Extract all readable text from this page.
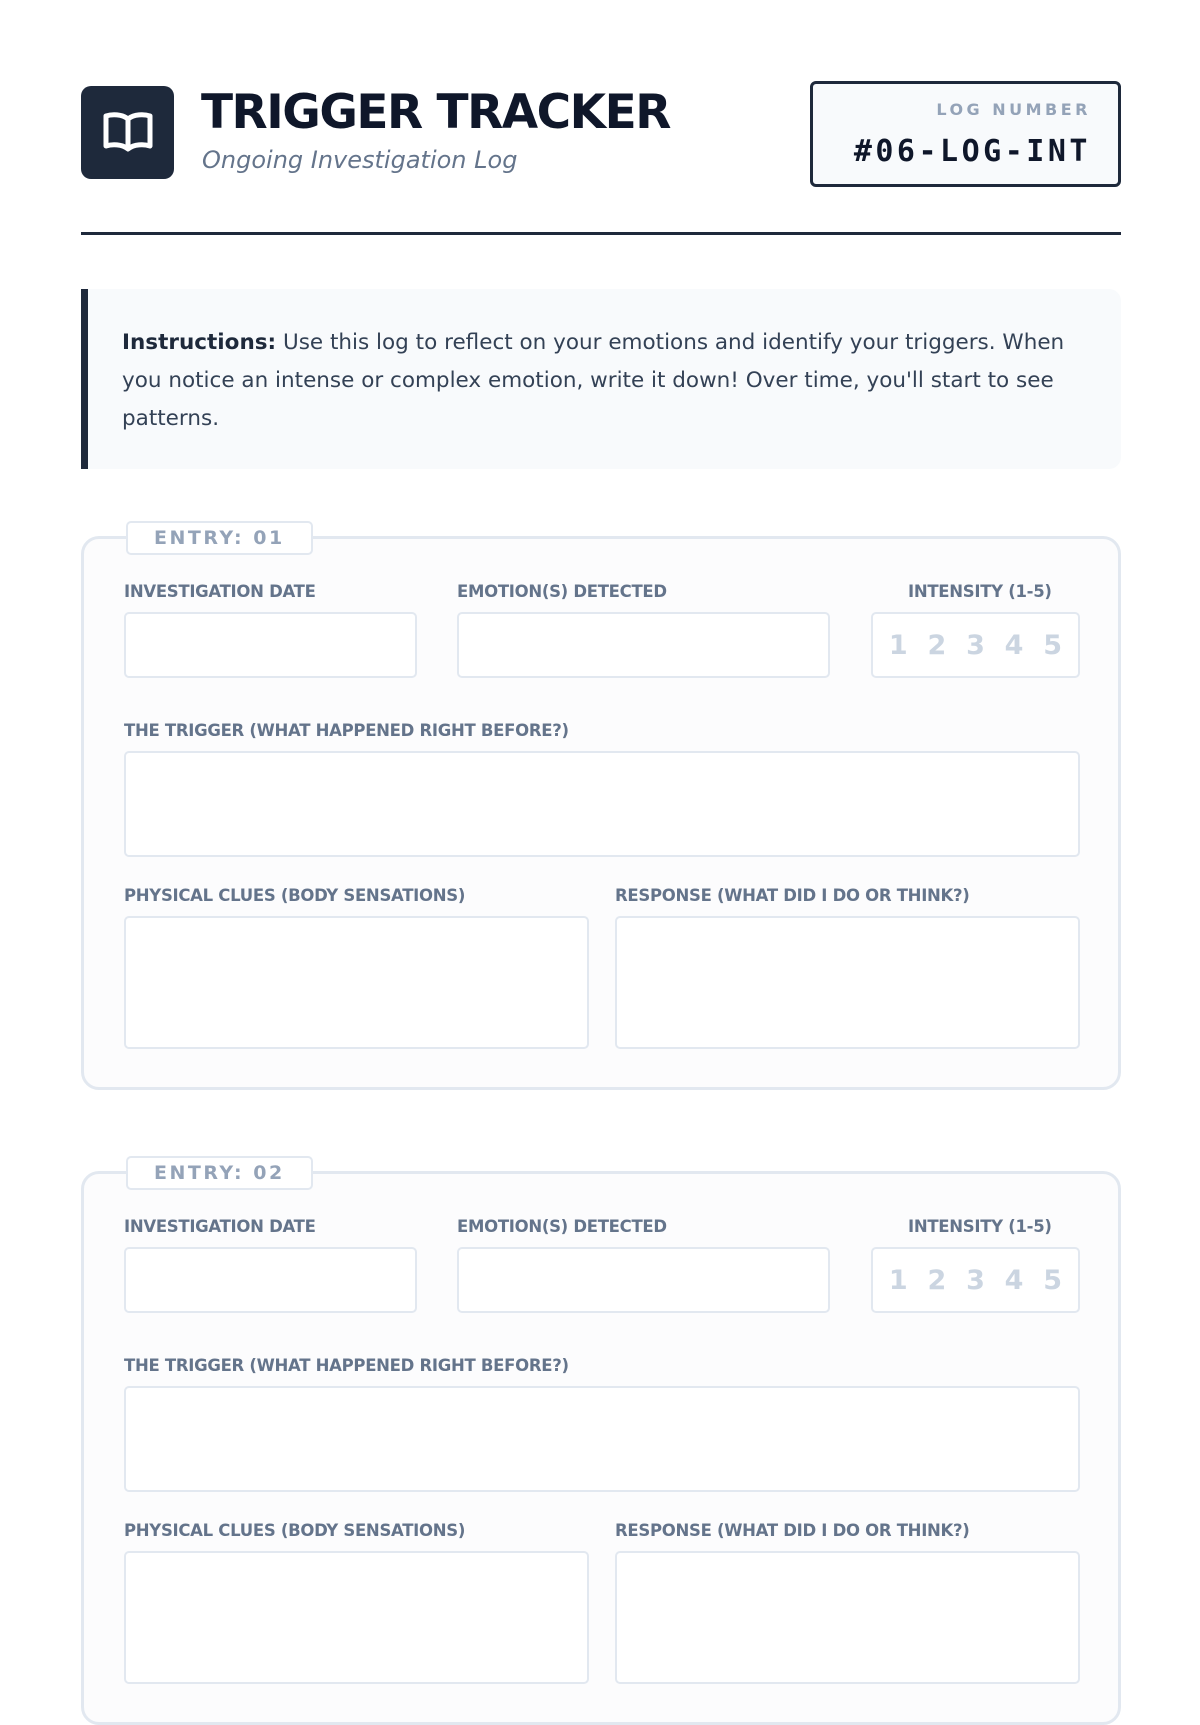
TRIGGER TRACKER
Ongoing Investigation Log
LOG NUMBER
#06-LOG-INT
Instructions: Use this log to reflect on your emotions and identify your triggers. When you notice an intense or complex emotion, write it down! Over time, you'll start to see patterns.
ENTRY: 01
INVESTIGATION DATE	EMOTION(S) DETECTED	INTENSITY (1-5)
1 2 3 4 5
THE TRIGGER (WHAT HAPPENED RIGHT BEFORE?)
PHYSICAL CLUES (BODY SENSATIONS)	RESPONSE (WHAT DID I DO OR THINK?)
ENTRY: 02
INVESTIGATION DATE	EMOTION(S) DETECTED	INTENSITY (1-5)
1 2 3 4 5
THE TRIGGER (WHAT HAPPENED RIGHT BEFORE?)
PHYSICAL CLUES (BODY SENSATIONS)	RESPONSE (WHAT DID I DO OR THINK?)
